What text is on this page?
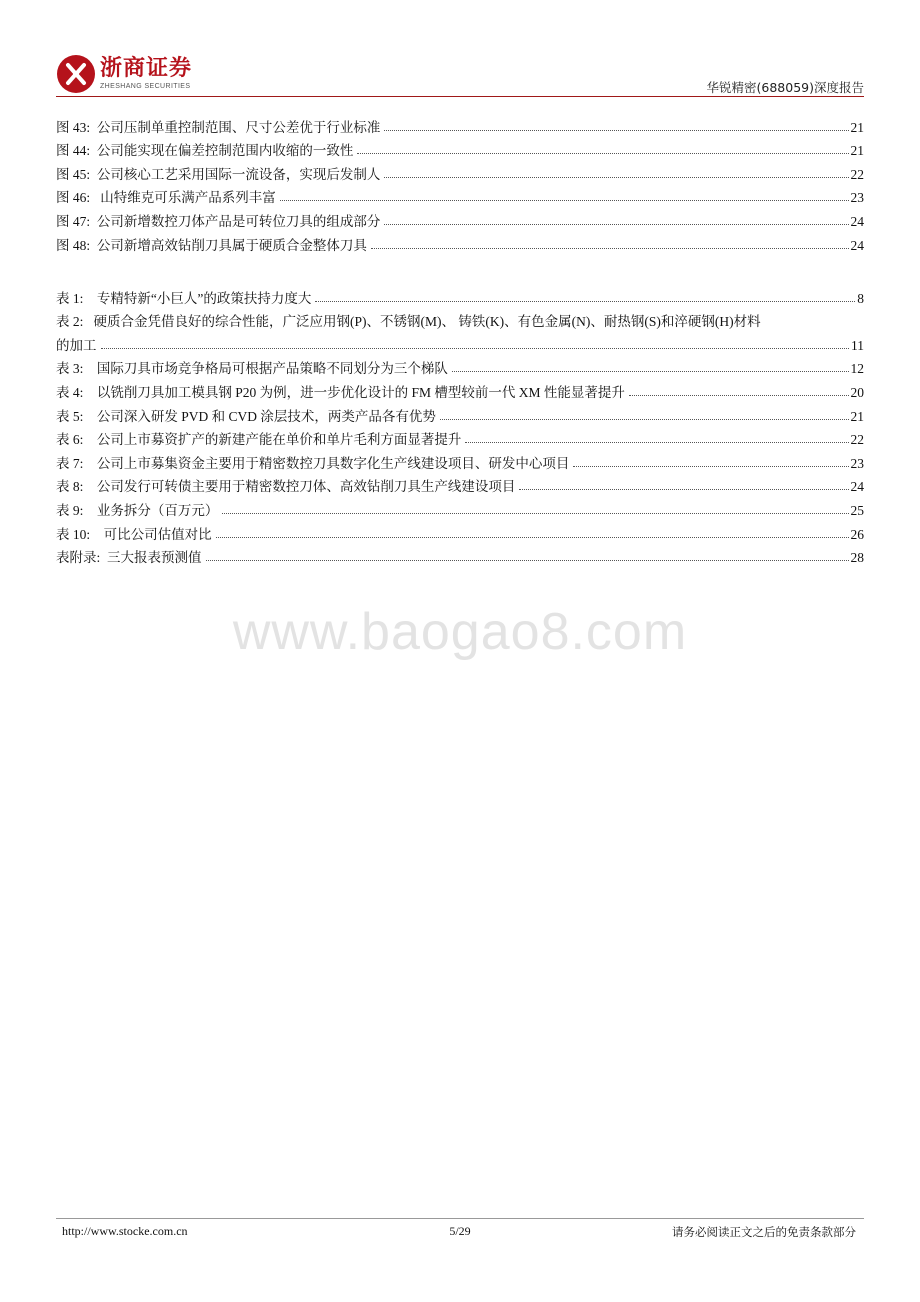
浙商证券
ZHESHANG SECURITIES	华锐精密(688059)深度报告
图 43:
公司压制单重控制范围、尺寸公差优于行业标准	21
图 44:
公司能实现在偏差控制范围内收缩的一致性	21
图 45:
公司核心工艺采用国际一流设备，实现后发制人	22
图 46:
山特维克可乐满产品系列丰富	23
图 47:
公司新增数控刀体产品是可转位刀具的组成部分	24
图 48:
公司新增高效钻削刀具属于硬质合金整体刀具	24
表 1:
专精特新“小巨人”的政策扶持力度大	8
表 2:
硬质合金凭借良好的综合性能，广泛应用钢(P)、不锈钢(M)、 铸铁(K)、有色金属(N)、耐热钢(S)和淬硬钢(H)材料
的加工	11
表 3:
国际刀具市场竞争格局可根据产品策略不同划分为三个梯队	12
表 4:
以铣削刀具加工模具钢 P20 为例，进一步优化设计的 FM 槽型较前一代 XM 性能显著提升	20
表 5:
公司深入研发 PVD 和 CVD 涂层技术，两类产品各有优势	21
表 6:
公司上市募资扩产的新建产能在单价和单片毛利方面显著提升	22
表 7:
公司上市募集资金主要用于精密数控刀具数字化生产线建设项目、研发中心项目	23
表 8:
公司发行可转债主要用于精密数控刀体、高效钻削刀具生产线建设项目	24
表 9:
业务拆分（百万元）	25
表 10:
可比公司估值对比	26
表附录:
三大报表预测值	28
www.baogao8.com
http://www.stocke.com.cn	5/29	请务必阅读正文之后的免责条款部分
